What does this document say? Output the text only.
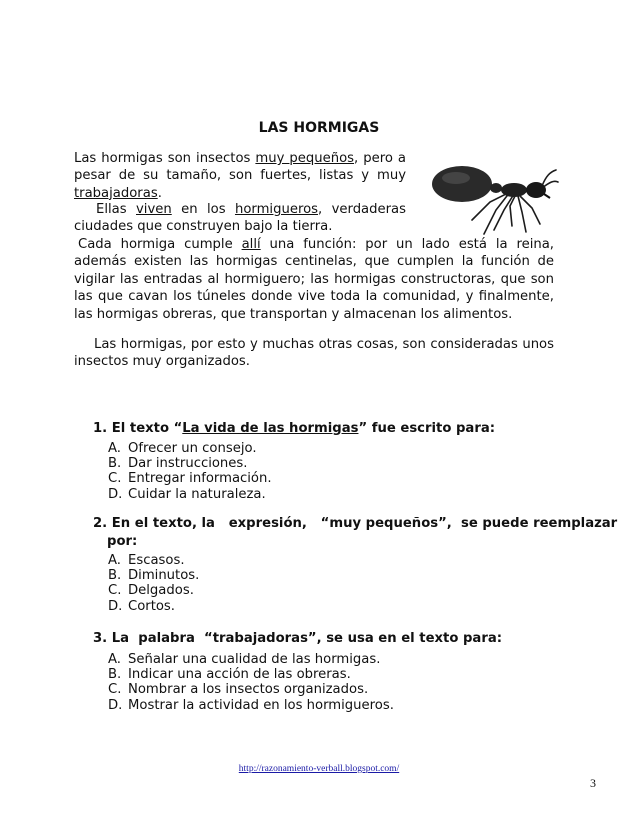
LAS HORMIGAS
Las hormigas son insectos muy pequeños, pero a pesar de su tamaño, son fuertes, listas y muy trabajadoras.
Ellas viven en los hormigueros, verdaderas ciudades que construyen bajo la tierra.
Cada hormiga cumple allí una función: por un lado está la reina, además existen las hormigas centinelas, que cumplen la función de vigilar las entradas al hormiguero; las hormigas constructoras, que son las que cavan los túneles donde vive toda la comunidad, y finalmente, las hormigas obreras, que transportan y almacenan los alimentos.
Las hormigas, por esto y muchas otras cosas, son consideradas unos insectos muy organizados.
1. El texto “La vida de las hormigas” fue escrito para:
A. Ofrecer un consejo.
B. Dar instrucciones.
C. Entregar información.
D. Cuidar la naturaleza.
2. En el texto, la   expresión,   “muy pequeños”,  se puede reemplazar
por:
A. Escasos.
B. Diminutos.
C. Delgados.
D. Cortos.
3. La  palabra  “trabajadoras”, se usa en el texto para:
A. Señalar una cualidad de las hormigas.
B. Indicar una acción de las obreras.
C. Nombrar a los insectos organizados.
D. Mostrar la actividad en los hormigueros.
http://razonamiento-verball.blogspot.com/
3
